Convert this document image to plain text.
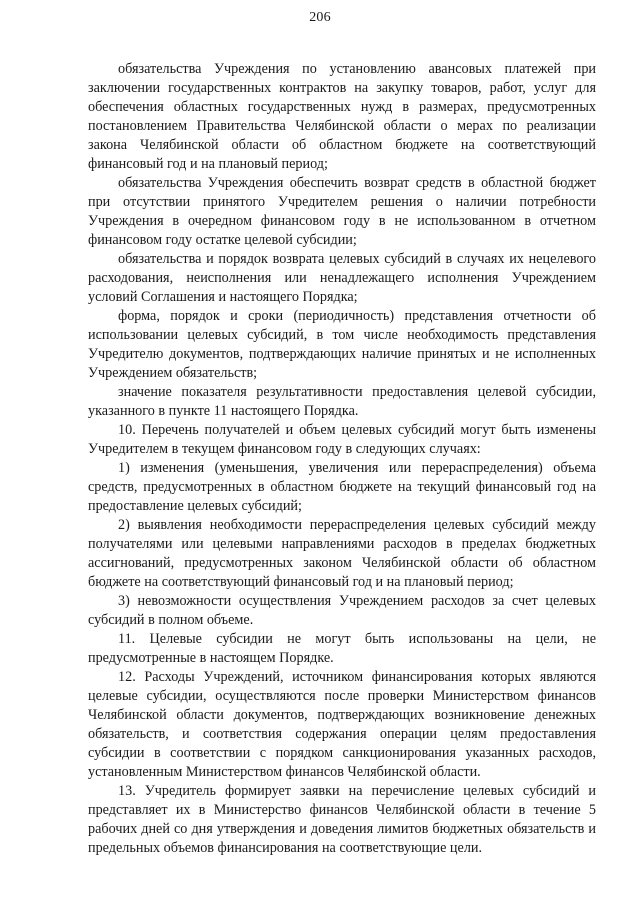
206

обязательства Учреждения по установлению авансовых платежей при заключении государственных контрактов на закупку товаров, работ, услуг для обеспечения областных государственных нужд в размерах, предусмотренных постановлением Правительства Челябинской области о мерах по реализации закона Челябинской области об областном бюджете на соответствующий финансовый год и на плановый период;

обязательства Учреждения обеспечить возврат средств в областной бюджет при отсутствии принятого Учредителем решения о наличии потребности Учреждения в очередном финансовом году в не использованном в отчетном финансовом году остатке целевой субсидии;

обязательства и порядок возврата целевых субсидий в случаях их нецелевого расходования, неисполнения или ненадлежащего исполнения Учреждением условий Соглашения и настоящего Порядка;

форма, порядок и сроки (периодичность) представления отчетности об использовании целевых субсидий, в том числе необходимость представления Учредителю документов, подтверждающих наличие принятых и не исполненных Учреждением обязательств;

значение показателя результативности предоставления целевой субсидии, указанного в пункте 11 настоящего Порядка.

10. Перечень получателей и объем целевых субсидий могут быть изменены Учредителем в текущем финансовом году в следующих случаях:

1) изменения (уменьшения, увеличения или перераспределения) объема средств, предусмотренных в областном бюджете на текущий финансовый год на предоставление целевых субсидий;

2) выявления необходимости перераспределения целевых субсидий между получателями или целевыми направлениями расходов в пределах бюджетных ассигнований, предусмотренных законом Челябинской области об областном бюджете на соответствующий финансовый год и на плановый период;

3) невозможности осуществления Учреждением расходов за счет целевых субсидий в полном объеме.

11. Целевые субсидии не могут быть использованы на цели, не предусмотренные в настоящем Порядке.

12. Расходы Учреждений, источником финансирования которых являются целевые субсидии, осуществляются после проверки Министерством финансов Челябинской области документов, подтверждающих возникновение денежных обязательств, и соответствия содержания операции целям предоставления субсидии в соответствии с порядком санкционирования указанных расходов, установленным Министерством финансов Челябинской области.

13. Учредитель формирует заявки на перечисление целевых субсидий и представляет их в Министерство финансов Челябинской области в течение 5 рабочих дней со дня утверждения и доведения лимитов бюджетных обязательств и предельных объемов финансирования на соответствующие цели.
